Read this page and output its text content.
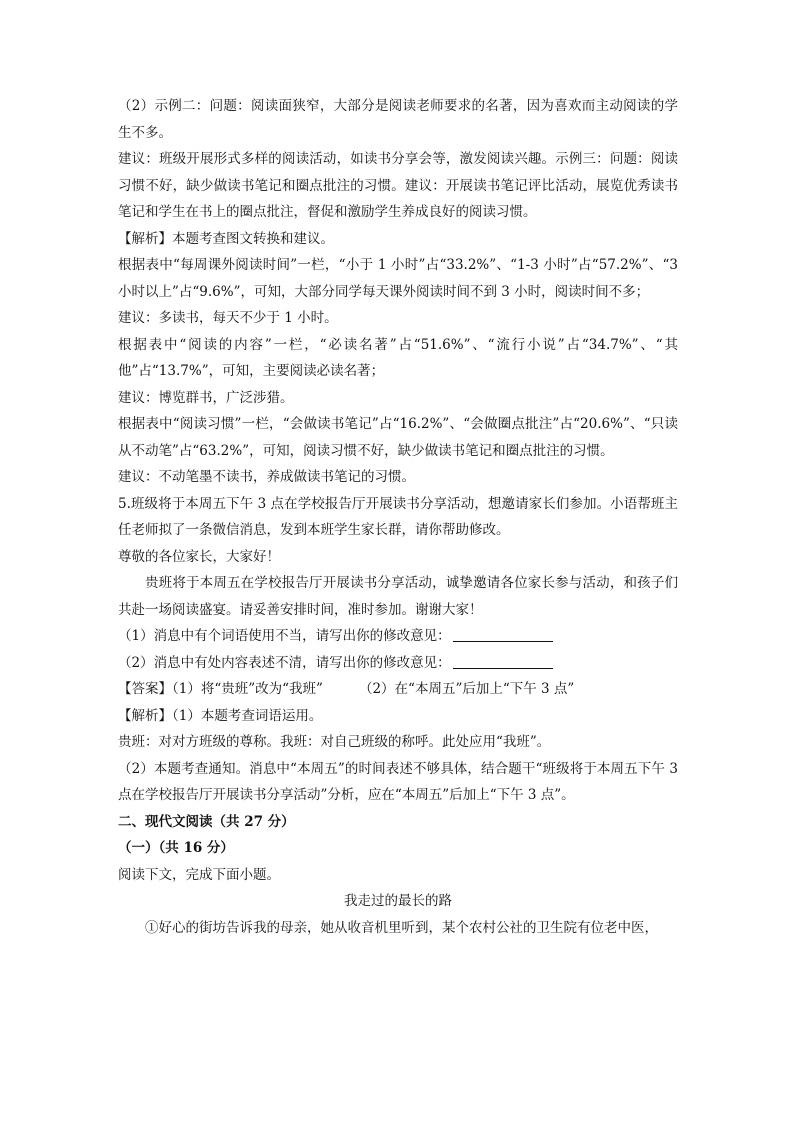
（2）示例二：问题：阅读面狭窄，大部分是阅读老师要求的名著，因为喜欢而主动阅读的学生不多。

建议：班级开展形式多样的阅读活动，如读书分享会等，激发阅读兴趣。示例三：问题：阅读习惯不好，缺少做读书笔记和圈点批注的习惯。建议：开展读书笔记评比活动，展览优秀读书笔记和学生在书上的圈点批注，督促和激励学生养成良好的阅读习惯。

【解析】本题考查图文转换和建议。

根据表中“每周课外阅读时间”一栏，“小于 1 小时”占“33.2%”、“1-3 小时”占“57.2%”、“3 小时以上”占“9.6%”，可知，大部分同学每天课外阅读时间不到 3 小时，阅读时间不多；

建议：多读书，每天不少于 1 小时。

根据表中“阅读的内容”一栏，“必读名著”占“51.6%”、“流行小说”占“34.7%”、“其他”占“13.7%”，可知，主要阅读必读名著；

建议：博览群书，广泛涉猎。

根据表中“阅读习惯”一栏，“会做读书笔记”占“16.2%”、“会做圈点批注”占“20.6%”、“只读从不动笔”占“63.2%”，可知，阅读习惯不好，缺少做读书笔记和圈点批注的习惯。

建议：不动笔墨不读书，养成做读书笔记的习惯。

5.班级将于本周五下午 3 点在学校报告厅开展读书分享活动，想邀请家长们参加。小语帮班主任老师拟了一条微信消息，发到本班学生家长群，请你帮助修改。

尊敬的各位家长，大家好！

贵班将于本周五在学校报告厅开展读书分享活动，诚挚邀请各位家长参与活动，和孩子们共赴一场阅读盛宴。请妥善安排时间，准时参加。谢谢大家！

（1）消息中有个词语使用不当，请写出你的修改意见：

（2）消息中有处内容表述不清，请写出你的修改意见：

【答案】（1）将“贵班”改为“我班”	（2）在“本周五”后加上“下午 3 点”

【解析】（1）本题考查词语运用。

贵班：对对方班级的尊称。我班：对自己班级的称呼。此处应用“我班”。

（2）本题考查通知。消息中“本周五”的时间表述不够具体，结合题干“班级将于本周五下午 3 点在学校报告厅开展读书分享活动”分析，应在“本周五”后加上“下午 3 点”。

二、现代文阅读（共 27 分）

（一）（共 16 分）

阅读下文，完成下面小题。

我走过的最长的路

①好心的街坊告诉我的母亲，她从收音机里听到，某个农村公社的卫生院有位老中医，
